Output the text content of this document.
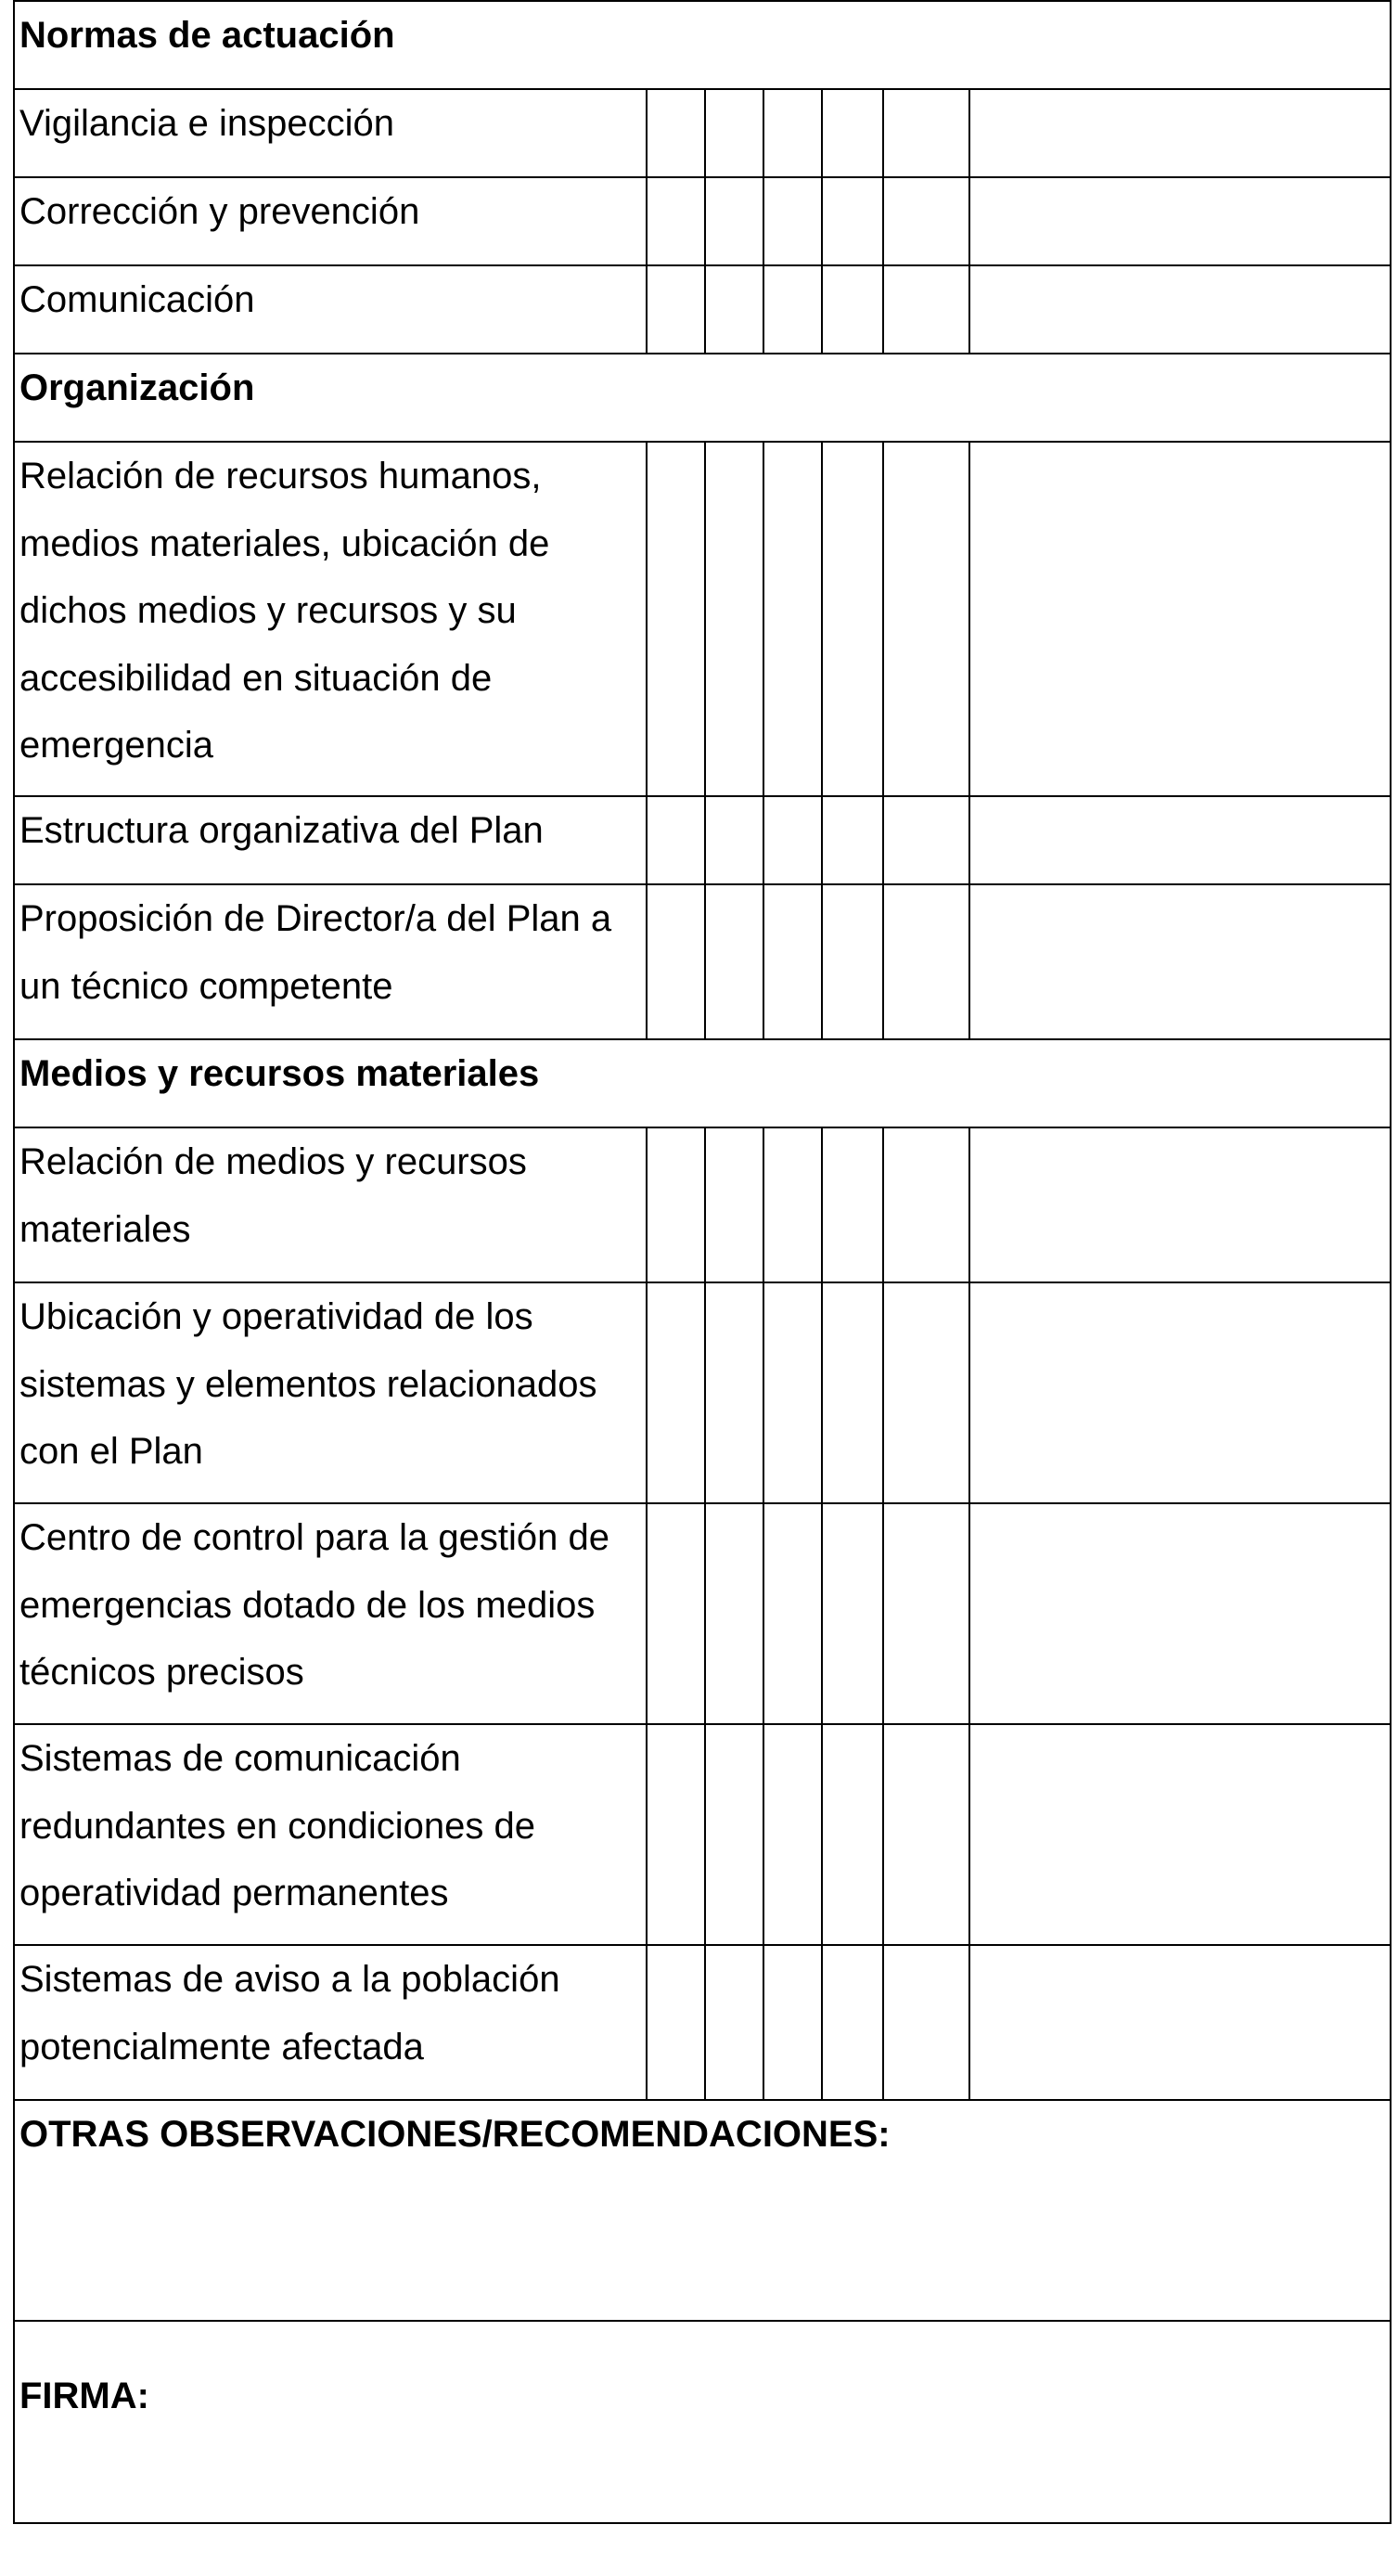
Normas de actuación						
Vigilancia e inspección						
Corrección y prevención						
Comunicación						
Organización						
Relación de recursos humanos, medios materiales, ubicación de dichos medios y recursos y su accesibilidad en situación de emergencia						
Estructura organizativa del Plan						
Proposición de Director/a del Plan a un técnico competente						
Medios y recursos materiales						
Relación de medios y recursos materiales						
Ubicación y operatividad de los sistemas y elementos relacionados con el Plan						
Centro de control para la gestión de emergencias dotado de los medios técnicos precisos						
Sistemas de comunicación redundantes en condiciones de operatividad permanentes						
Sistemas de aviso a la población potencialmente afectada						
OTRAS OBSERVACIONES/RECOMENDACIONES:						
FIRMA:						
